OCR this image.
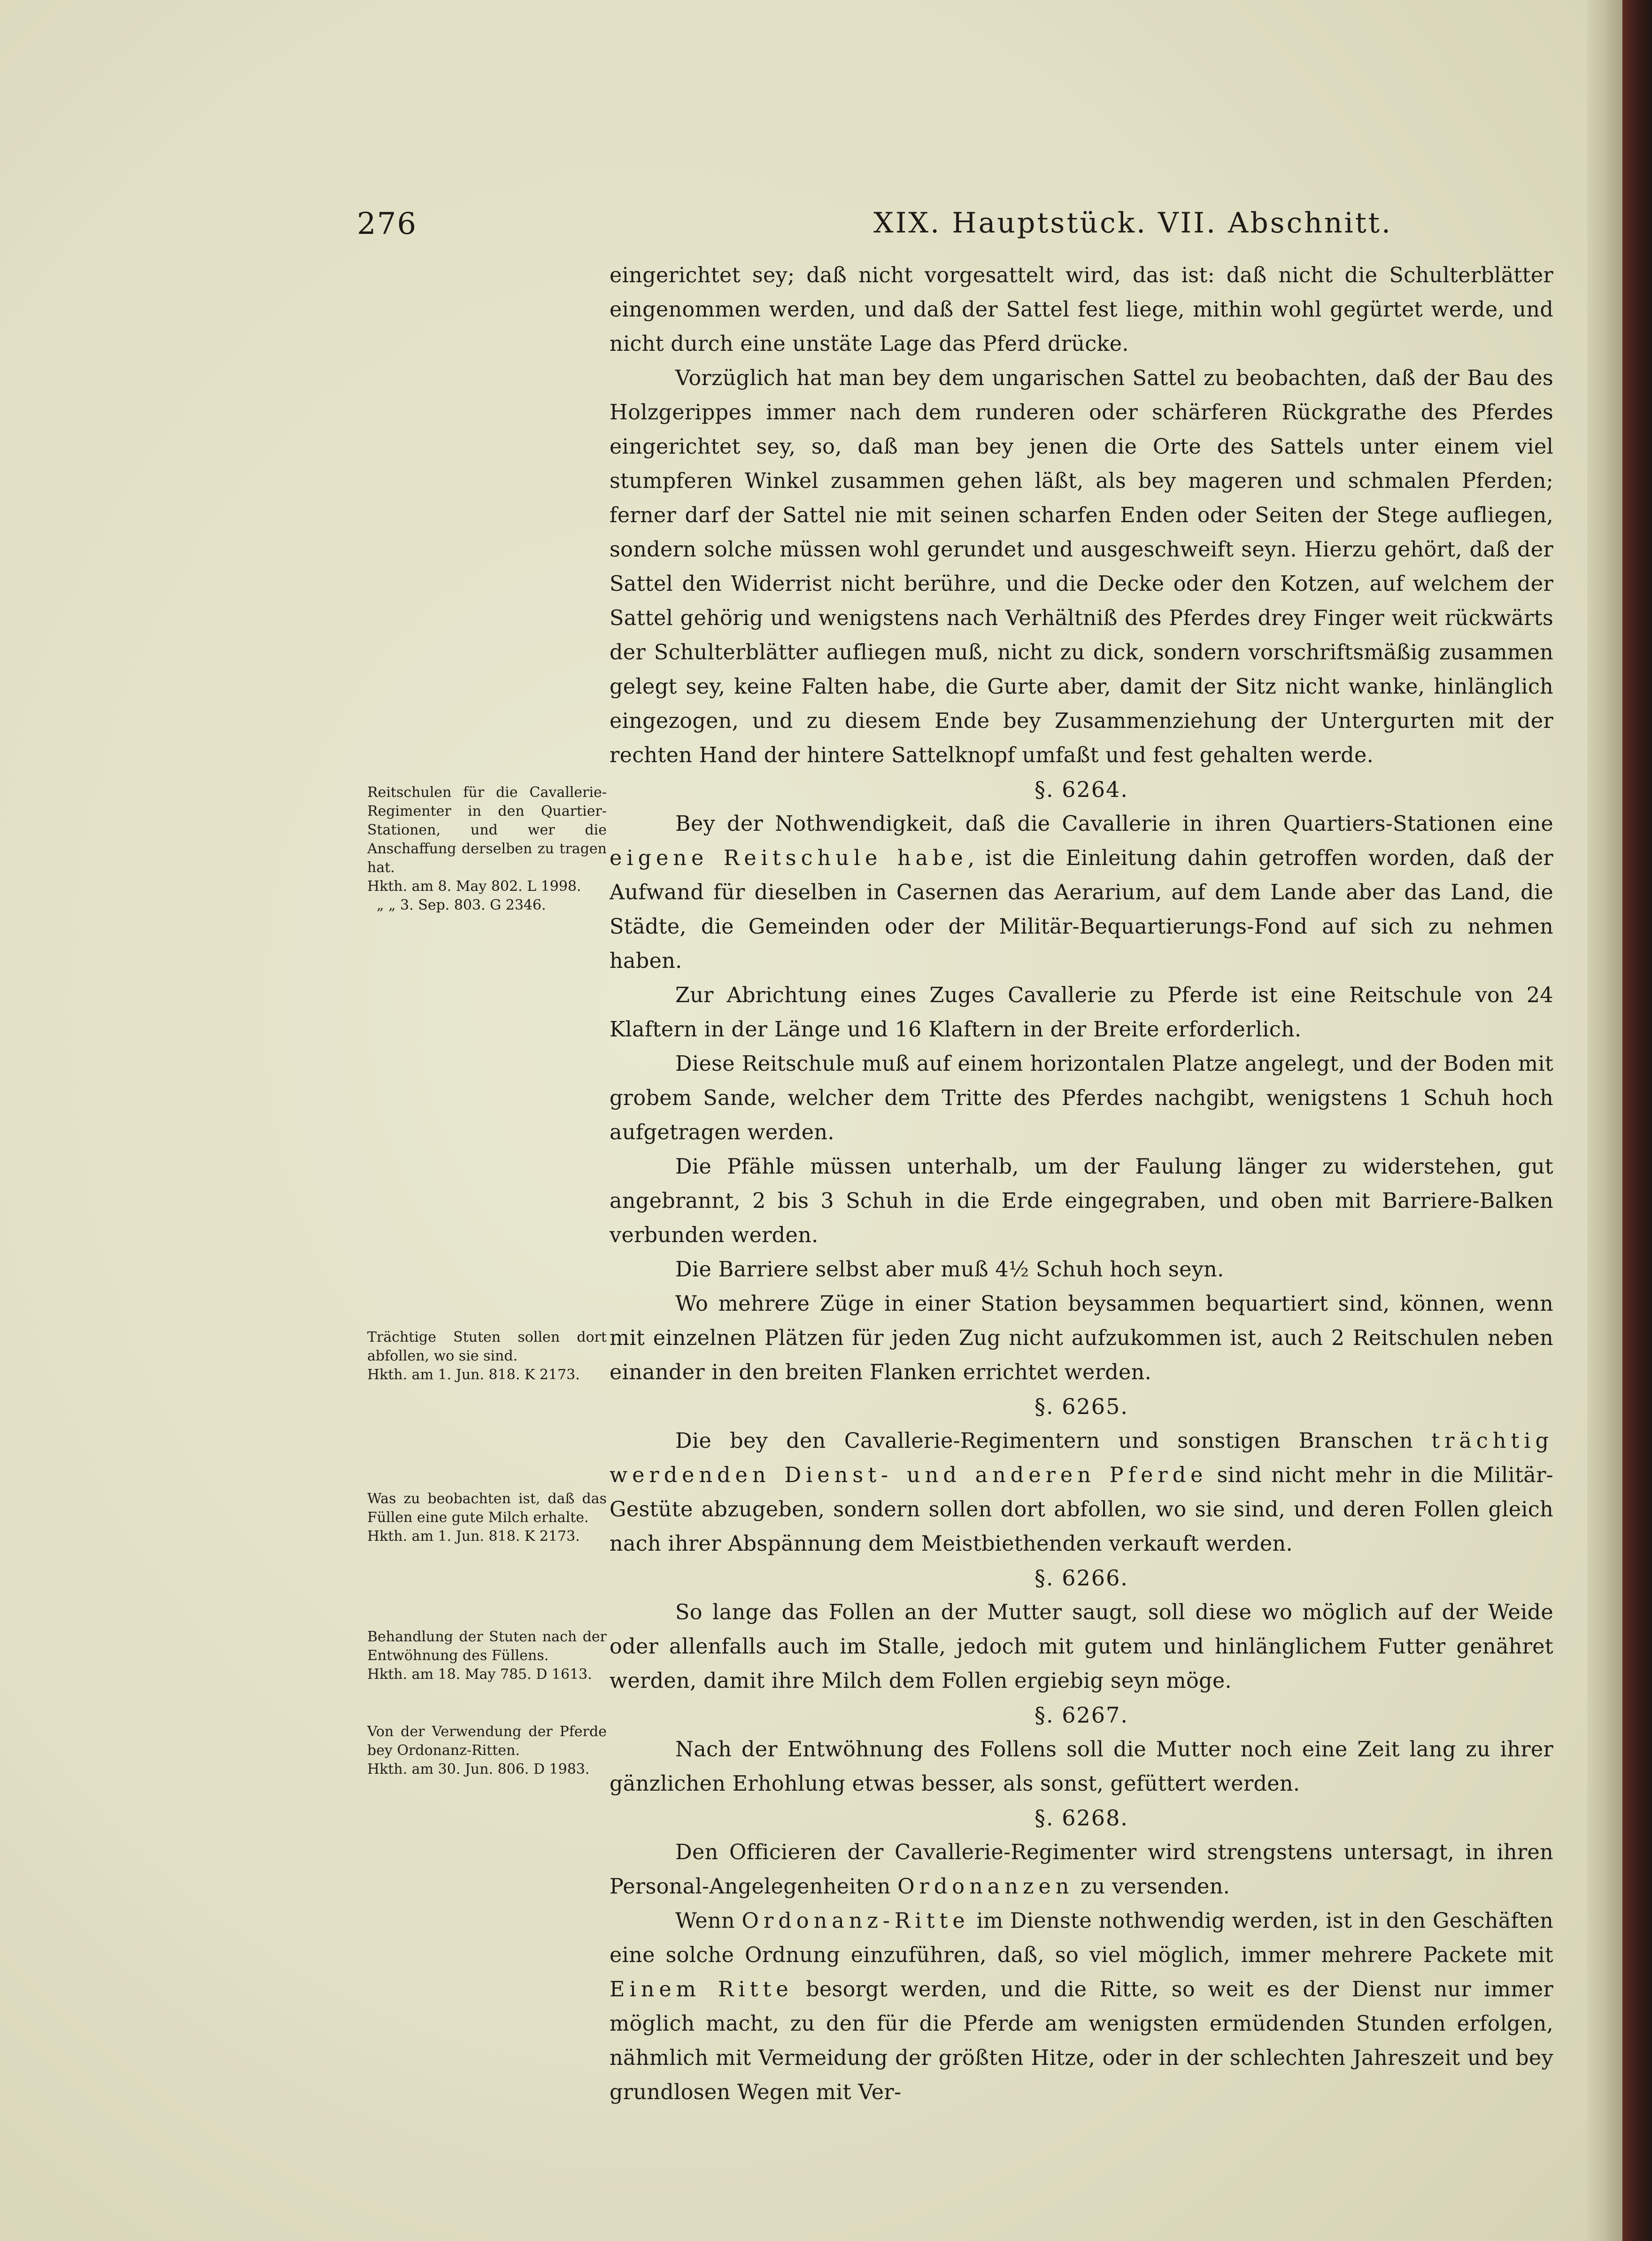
276	XIX. Hauptstück. VII. Abschnitt.

eingerichtet sey; daß nicht vorgesattelt wird, das ist: daß nicht die Schulterblätter eingenommen werden, und daß der Sattel fest liege, mithin wohl gegürtet werde, und nicht durch eine unstäte Lage das Pferd drücke.

Vorzüglich hat man bey dem ungarischen Sattel zu beobachten, daß der Bau des Holzgerippes immer nach dem runderen oder schärferen Rückgrathe des Pferdes eingerichtet sey, so, daß man bey jenen die Orte des Sattels unter einem viel stumpferen Winkel zusammen gehen läßt, als bey mageren und schmalen Pferden; ferner darf der Sattel nie mit seinen scharfen Enden oder Seiten der Stege aufliegen, sondern solche müssen wohl gerundet und ausgeschweift seyn. Hierzu gehört, daß der Sattel den Widerrist nicht berühre, und die Decke oder den Kotzen, auf welchem der Sattel gehörig und wenigstens nach Verhältniß des Pferdes drey Finger weit rückwärts der Schulterblätter aufliegen muß, nicht zu dick, sondern vorschriftsmäßig zusammen gelegt sey, keine Falten habe, die Gurte aber, damit der Sitz nicht wanke, hinlänglich eingezogen, und zu diesem Ende bey Zusammenziehung der Untergurten mit der rechten Hand der hintere Sattelknopf umfaßt und fest gehalten werde.

§. 6264.

Bey der Nothwendigkeit, daß die Cavallerie in ihren Quartiers-Stationen eine eigene Reitschule habe, ist die Einleitung dahin getroffen worden, daß der Aufwand für dieselben in Casernen das Aerarium, auf dem Lande aber das Land, die Städte, die Gemeinden oder der Militär-Bequartierungs-Fond auf sich zu nehmen haben.

Zur Abrichtung eines Zuges Cavallerie zu Pferde ist eine Reitschule von 24 Klaftern in der Länge und 16 Klaftern in der Breite erforderlich.

Diese Reitschule muß auf einem horizontalen Platze angelegt, und der Boden mit grobem Sande, welcher dem Tritte des Pferdes nachgibt, wenigstens 1 Schuh hoch aufgetragen werden.

Die Pfähle müssen unterhalb, um der Faulung länger zu widerstehen, gut angebrannt, 2 bis 3 Schuh in die Erde eingegraben, und oben mit Barriere-Balken verbunden werden.

Die Barriere selbst aber muß 4½ Schuh hoch seyn.

Wo mehrere Züge in einer Station beysammen bequartiert sind, können, wenn mit einzelnen Plätzen für jeden Zug nicht aufzukommen ist, auch 2 Reitschulen neben einander in den breiten Flanken errichtet werden.

§. 6265.

Die bey den Cavallerie-Regimentern und sonstigen Branschen trächtig werdenden Dienst- und anderen Pferde sind nicht mehr in die Militär-Gestüte abzugeben, sondern sollen dort abfollen, wo sie sind, und deren Follen gleich nach ihrer Abspännung dem Meistbiethenden verkauft werden.

§. 6266.

So lange das Follen an der Mutter saugt, soll diese wo möglich auf der Weide oder allenfalls auch im Stalle, jedoch mit gutem und hinlänglichem Futter genähret werden, damit ihre Milch dem Follen ergiebig seyn möge.

§. 6267.

Nach der Entwöhnung des Follens soll die Mutter noch eine Zeit lang zu ihrer gänzlichen Erhohlung etwas besser, als sonst, gefüttert werden.

§. 6268.

Den Officieren der Cavallerie-Regimenter wird strengstens untersagt, in ihren Personal-Angelegenheiten Ordonanzen zu versenden.

Wenn Ordonanz-Ritte im Dienste nothwendig werden, ist in den Geschäften eine solche Ordnung einzuführen, daß, so viel möglich, immer mehrere Packete mit Einem Ritte besorgt werden, und die Ritte, so weit es der Dienst nur immer möglich macht, zu den für die Pferde am wenigsten ermüdenden Stunden erfolgen, nähmlich mit Vermeidung der größten Hitze, oder in der schlechten Jahreszeit und bey grundlosen Wegen mit Ver-

Reitschulen für die Cavallerie-Regimenter in den Quartier-Stationen, und wer die Anschaffung derselben zu tragen hat.

Hkth. am 8. May 802. L 1998.

„ „ 3. Sep. 803. G 2346.

Trächtige Stuten sollen dort abfollen, wo sie sind.

Hkth. am 1. Jun. 818. K 2173.

Was zu beobachten ist, daß das Füllen eine gute Milch erhalte.

Hkth. am 1. Jun. 818. K 2173.

Behandlung der Stuten nach der Entwöhnung des Füllens.

Hkth. am 18. May 785. D 1613.

Von der Verwendung der Pferde bey Ordonanz-Ritten.

Hkth. am 30. Jun. 806. D 1983.
